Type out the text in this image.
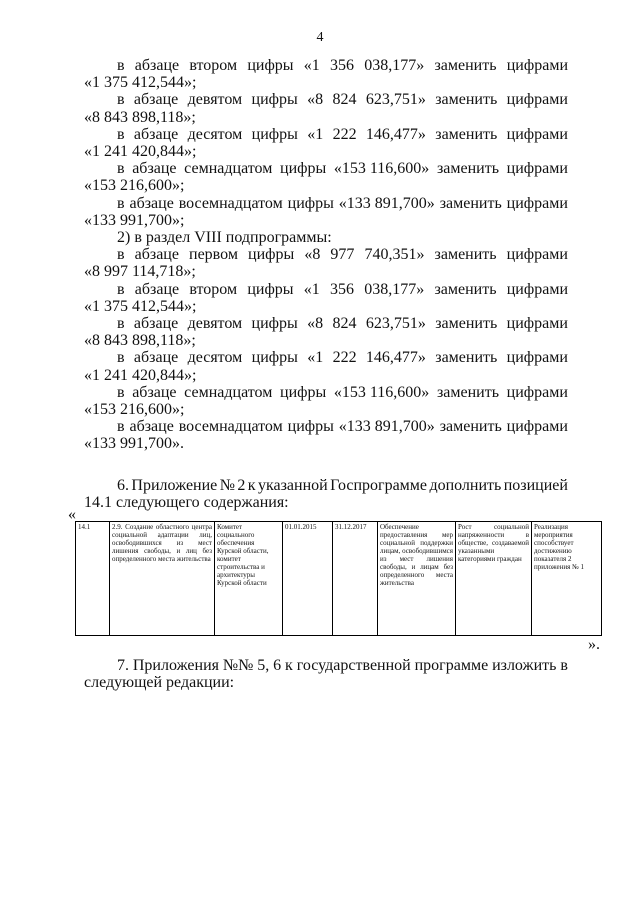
4
в абзаце втором цифры «1 356 038,177» заменить цифрами
«1 375 412,544»;
в абзаце девятом цифры «8 824 623,751» заменить цифрами
«8 843 898,118»;
в абзаце десятом цифры «1 222 146,477» заменить цифрами
«1 241 420,844»;
в абзаце семнадцатом цифры «153 116,600» заменить цифрами
«153 216,600»;
в абзаце восемнадцатом цифры «133 891,700» заменить цифрами
«133 991,700»;
2) в раздел VIII подпрограммы:
в абзаце первом цифры «8 977 740,351» заменить цифрами
«8 997 114,718»;
в абзаце втором цифры «1 356 038,177» заменить цифрами
«1 375 412,544»;
в абзаце девятом цифры «8 824 623,751» заменить цифрами
«8 843 898,118»;
в абзаце десятом цифры «1 222 146,477» заменить цифрами
«1 241 420,844»;
в абзаце семнадцатом цифры «153 116,600» заменить цифрами
«153 216,600»;
в абзаце восемнадцатом цифры «133 891,700» заменить цифрами
«133 991,700».
6. Приложение № 2 к указанной Госпрограмме дополнить позицией
14.1 следующего содержания:
«
14.1	2.9. Создание областного центра социальной адаптации лиц, освободившихся из мест лишения свободы, и лиц без определенного места жительства	Комитет социального обеспечения Курской области, комитет строительства и архитектуры Курской области	01.01.2015	31.12.2017	Обеспечение предоставления мер социальной поддержки лицам, освободившимся из мест лишения свободы, и лицам без определенного места жительства	Рост социальной напряженности в обществе, создаваемой указанными категориями граждан	Реализация мероприятия способствует достижению показателя 2 приложения № 1
».
7. Приложения №№ 5, 6 к государственной программе изложить в
следующей редакции:
